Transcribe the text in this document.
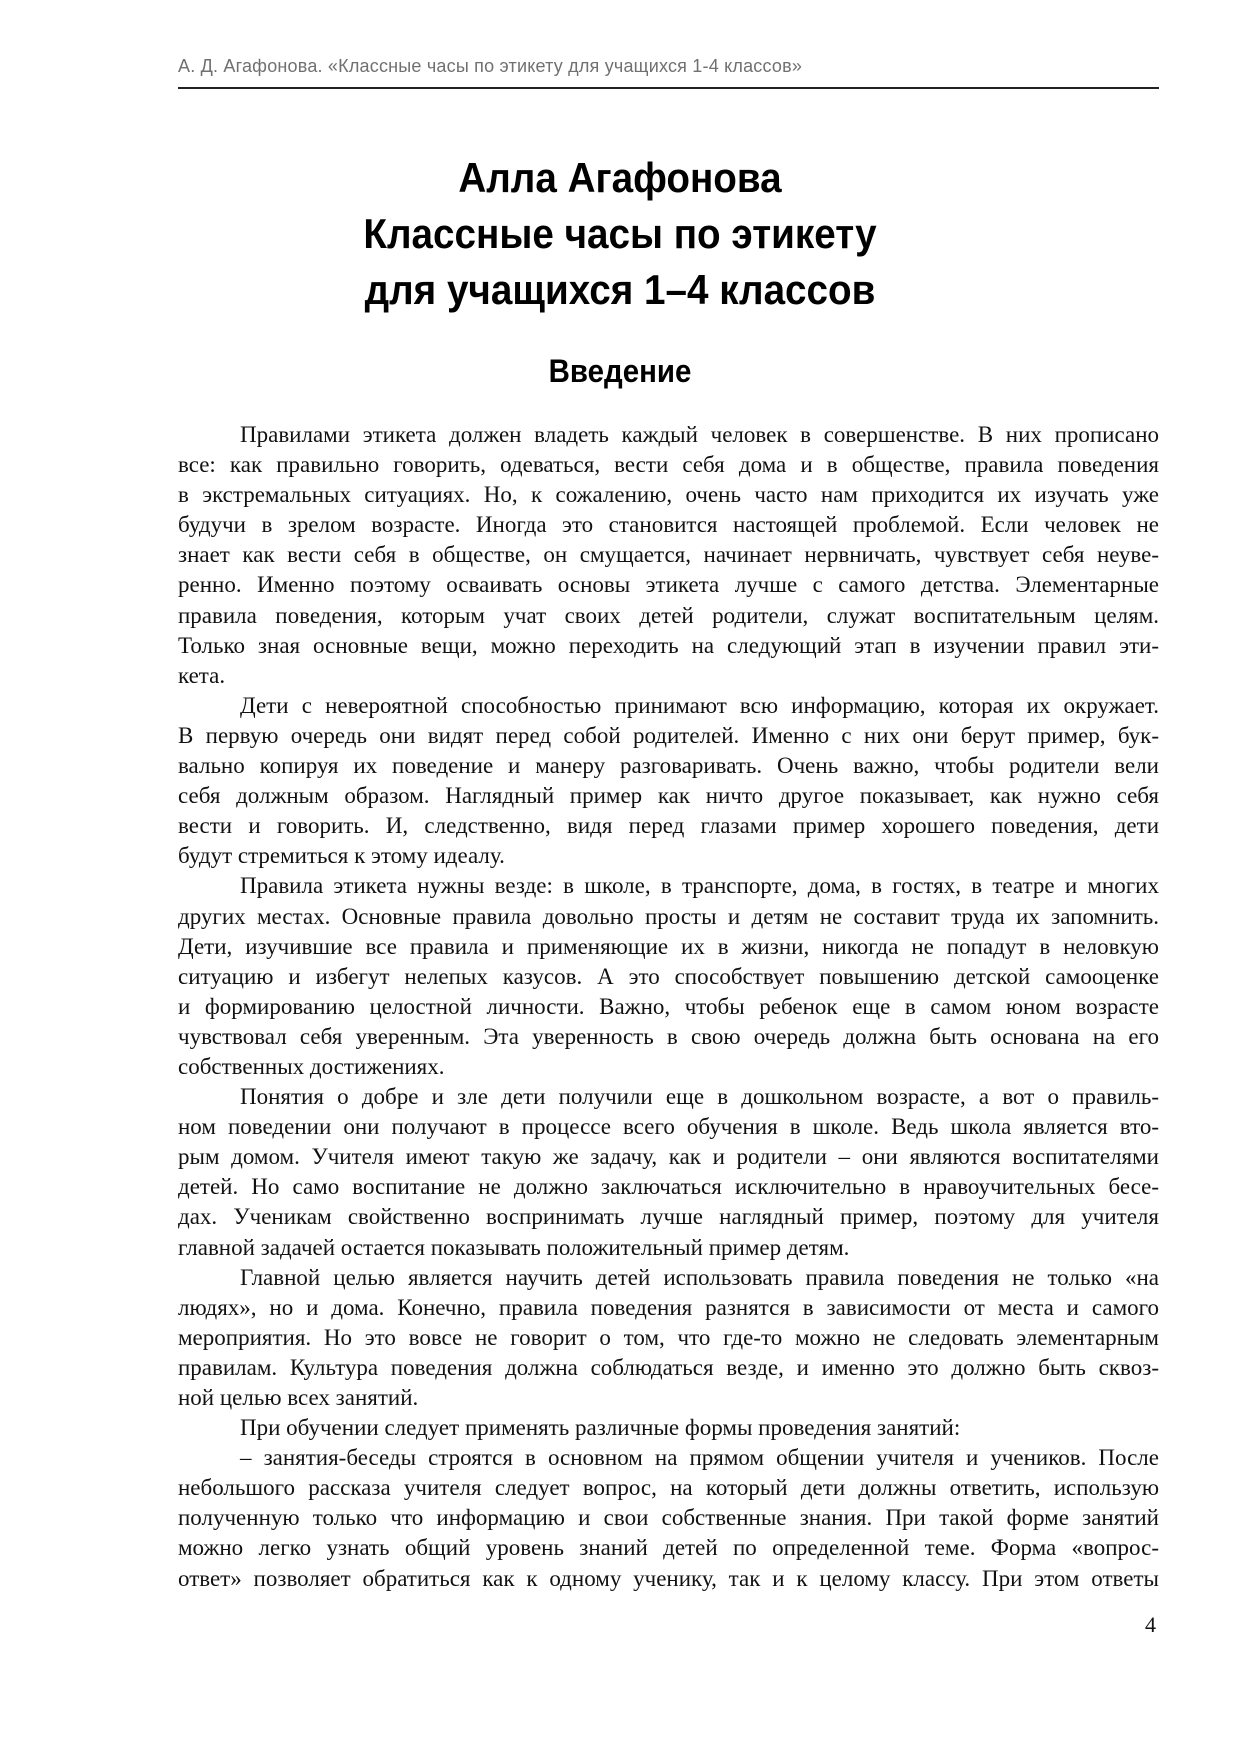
А. Д. Агафонова. «Классные часы по этикету для учащихся 1-4 классов»
Алла Агафонова
Классные часы по этикету
для учащихся 1–4 классов
Введение
Правилами этикета должен владеть каждый человек в совершенстве. В них прописано
все: как правильно говорить, одеваться, вести себя дома и в обществе, правила поведения
в экстремальных ситуациях. Но, к сожалению, очень часто нам приходится их изучать уже
будучи в зрелом возрасте. Иногда это становится настоящей проблемой. Если человек не
знает как вести себя в обществе, он смущается, начинает нервничать, чувствует себя неуве-
ренно. Именно поэтому осваивать основы этикета лучше с самого детства. Элементарные
правила поведения, которым учат своих детей родители, служат воспитательным целям.
Только зная основные вещи, можно переходить на следующий этап в изучении правил эти-
кета.
Дети с невероятной способностью принимают всю информацию, которая их окружает.
В первую очередь они видят перед собой родителей. Именно с них они берут пример, бук-
вально копируя их поведение и манеру разговаривать. Очень важно, чтобы родители вели
себя должным образом. Наглядный пример как ничто другое показывает, как нужно себя
вести и говорить. И, следственно, видя перед глазами пример хорошего поведения, дети
будут стремиться к этому идеалу.
Правила этикета нужны везде: в школе, в транспорте, дома, в гостях, в театре и многих
других местах. Основные правила довольно просты и детям не составит труда их запомнить.
Дети, изучившие все правила и применяющие их в жизни, никогда не попадут в неловкую
ситуацию и избегут нелепых казусов. А это способствует повышению детской самооценке
и формированию целостной личности. Важно, чтобы ребенок еще в самом юном возрасте
чувствовал себя уверенным. Эта уверенность в свою очередь должна быть основана на его
собственных достижениях.
Понятия о добре и зле дети получили еще в дошкольном возрасте, а вот о правиль-
ном поведении они получают в процессе всего обучения в школе. Ведь школа является вто-
рым домом. Учителя имеют такую же задачу, как и родители – они являются воспитателями
детей. Но само воспитание не должно заключаться исключительно в нравоучительных бесе-
дах. Ученикам свойственно воспринимать лучше наглядный пример, поэтому для учителя
главной задачей остается показывать положительный пример детям.
Главной целью является научить детей использовать правила поведения не только «на
людях», но и дома. Конечно, правила поведения разнятся в зависимости от места и самого
мероприятия. Но это вовсе не говорит о том, что где-то можно не следовать элементарным
правилам. Культура поведения должна соблюдаться везде, и именно это должно быть сквоз-
ной целью всех занятий.
При обучении следует применять различные формы проведения занятий:
– занятия-беседы строятся в основном на прямом общении учителя и учеников. После
небольшого рассказа учителя следует вопрос, на который дети должны ответить, использую
полученную только что информацию и свои собственные знания. При такой форме занятий
можно легко узнать общий уровень знаний детей по определенной теме. Форма «вопрос-
ответ» позволяет обратиться как к одному ученику, так и к целому классу. При этом ответы
4
